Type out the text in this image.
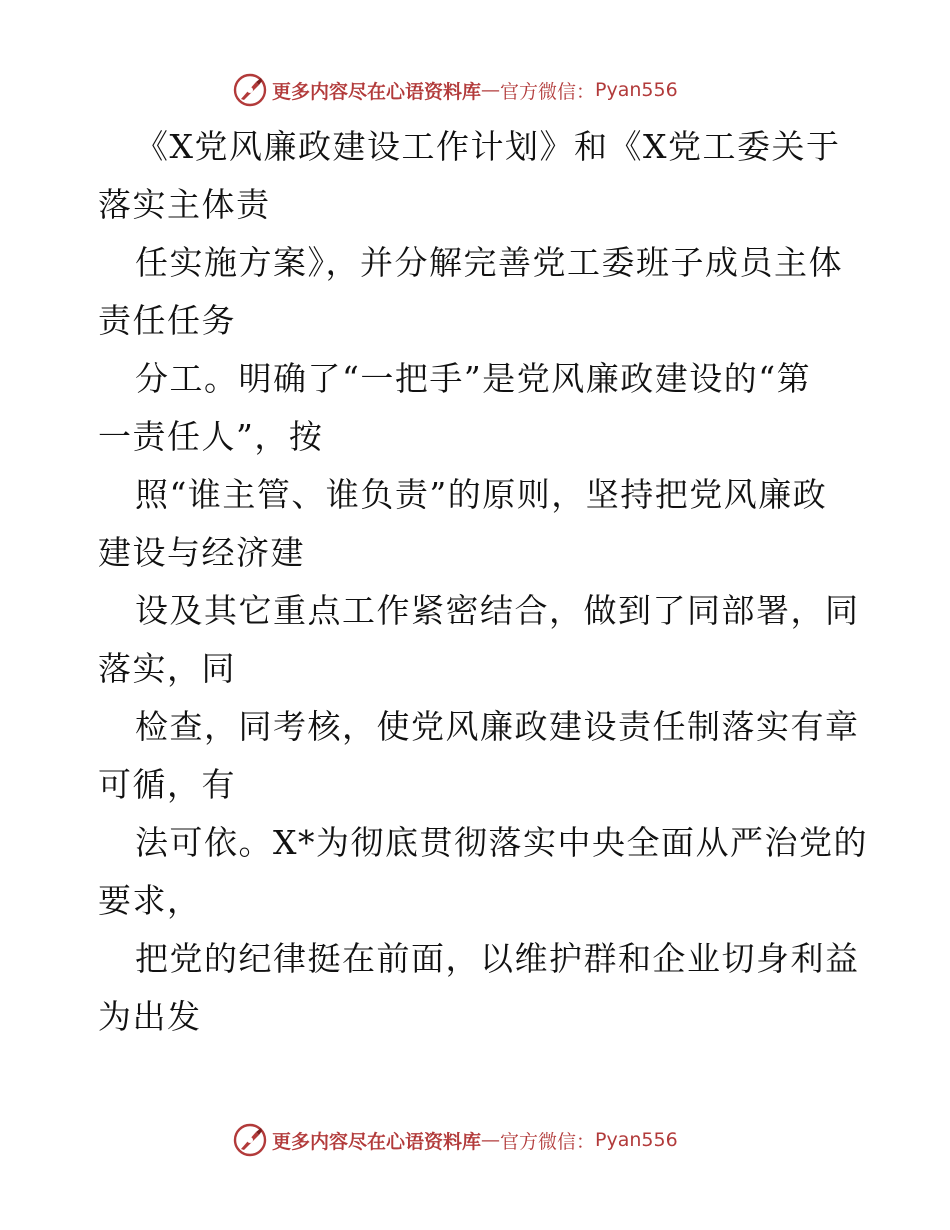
更多内容尽在心语资料库 — 官方微信： Pyan556
《X党风廉政建设工作计划》和《X党工委关于
落实主体责
任实施方案》，并分解完善党工委班子成员主体
责任任务
分工。明确了“一把手”是党风廉政建设的“第
一责任人”，按
照“谁主管、谁负责”的原则，坚持把党风廉政
建设与经济建
设及其它重点工作紧密结合，做到了同部署，同
落实，同
检查，同考核，使党风廉政建设责任制落实有章
可循，有
法可依。X*为彻底贯彻落实中央全面从严治党的
要求，
把党的纪律挺在前面，以维护群和企业切身利益
为出发
更多内容尽在心语资料库 — 官方微信： Pyan556
